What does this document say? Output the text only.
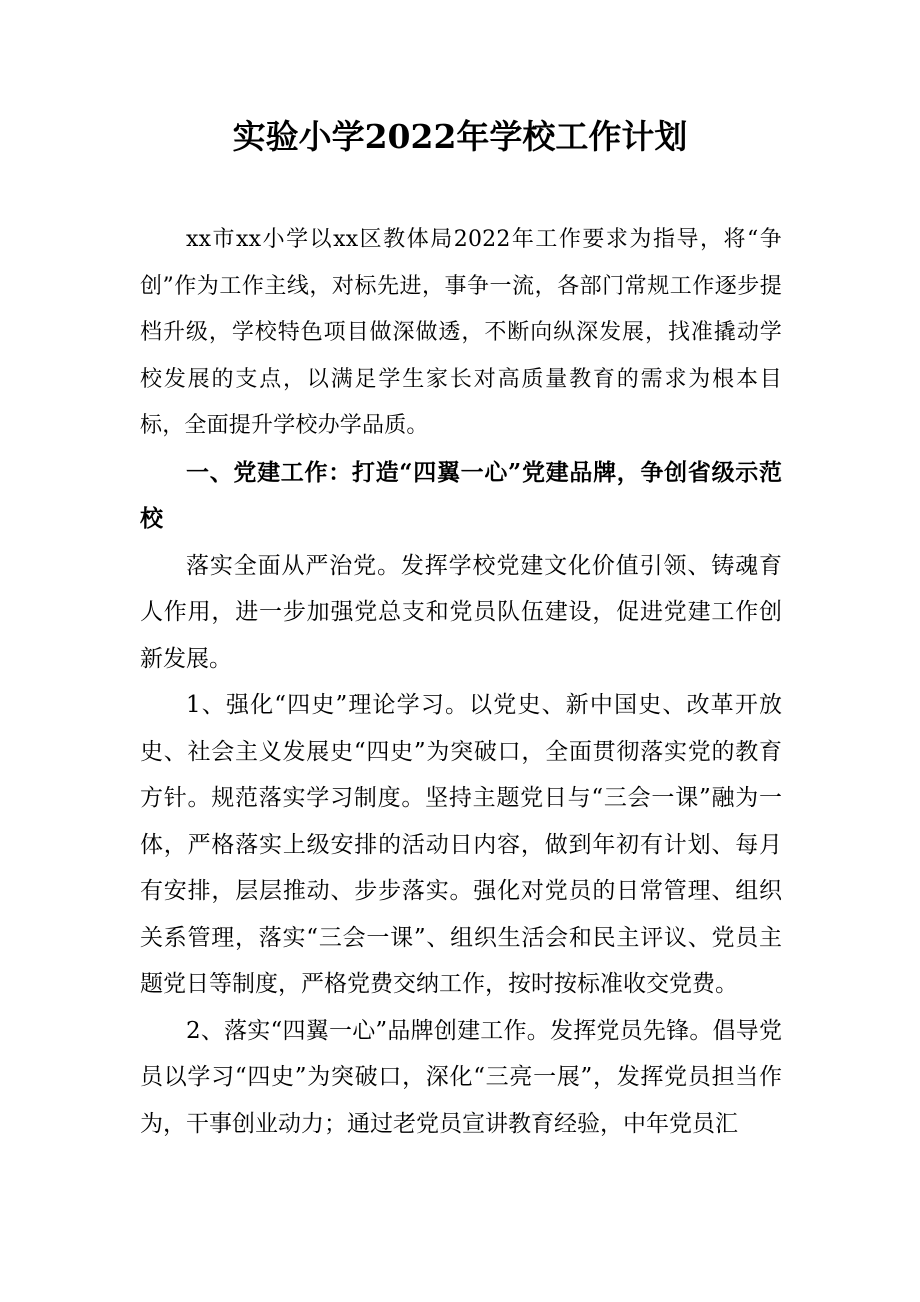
实验小学2022年学校工作计划

xx市xx小学以xx区教体局2022年工作要求为指导，将“争创”作为工作主线，对标先进，事争一流，各部门常规工作逐步提档升级，学校特色项目做深做透，不断向纵深发展，找准撬动学校发展的支点，以满足学生家长对高质量教育的需求为根本目标，全面提升学校办学品质。

一、党建工作：打造“四翼一心”党建品牌，争创省级示范校

落实全面从严治党。发挥学校党建文化价值引领、铸魂育人作用，进一步加强党总支和党员队伍建设，促进党建工作创新发展。

1、强化“四史”理论学习。以党史、新中国史、改革开放史、社会主义发展史“四史”为突破口，全面贯彻落实党的教育方针。规范落实学习制度。坚持主题党日与“三会一课”融为一体，严格落实上级安排的活动日内容，做到年初有计划、每月有安排，层层推动、步步落实。强化对党员的日常管理、组织关系管理，落实“三会一课”、组织生活会和民主评议、党员主题党日等制度，严格党费交纳工作，按时按标准收交党费。

2、落实“四翼一心”品牌创建工作。发挥党员先锋。倡导党员以学习“四史”为突破口，深化“三亮一展”，发挥党员担当作为，干事创业动力；通过老党员宣讲教育经验，中年党员汇
